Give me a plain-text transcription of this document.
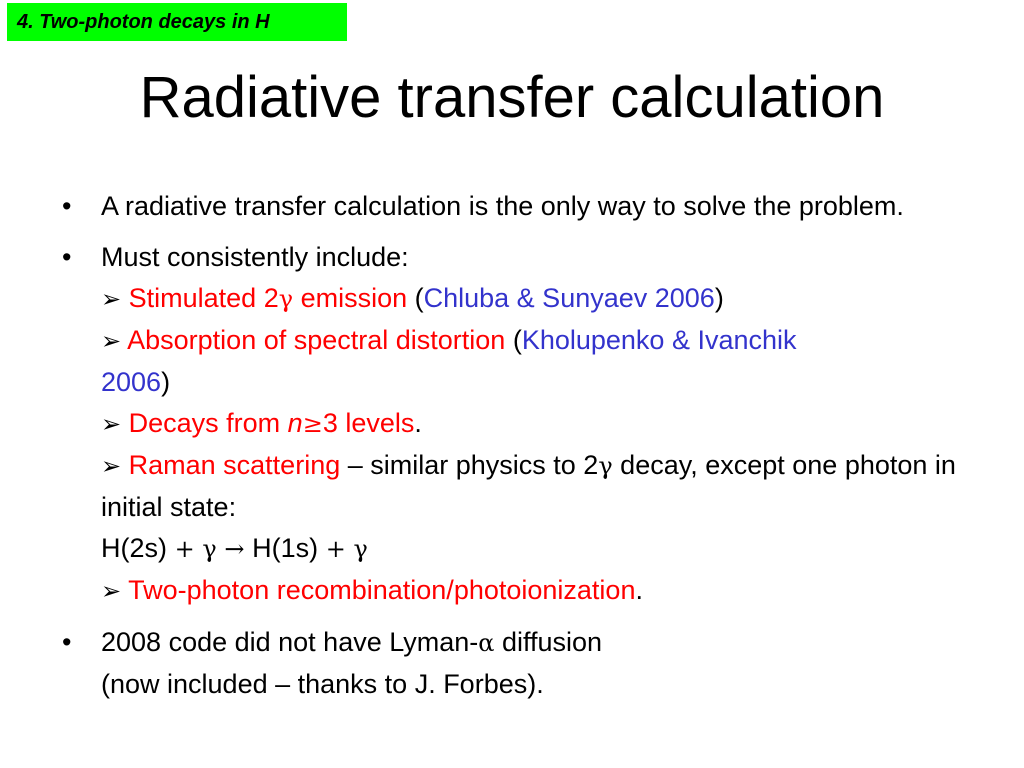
4. Two-photon decays in H
Radiative transfer calculation
• A radiative transfer calculation is the only way to solve the problem.
• Must consistently include:
➢ Stimulated 2γ emission (Chluba & Sunyaev 2006)
➢ Absorption of spectral distortion (Kholupenko & Ivanchik
2006)
➢ Decays from n≥3 levels.
➢ Raman scattering – similar physics to 2γ decay, except one photon in initial state:
H(2s) + γ → H(1s) + γ
➢ Two-photon recombination/photoionization.
• 2008 code did not have Lyman-α diffusion
(now included – thanks to J. Forbes).
